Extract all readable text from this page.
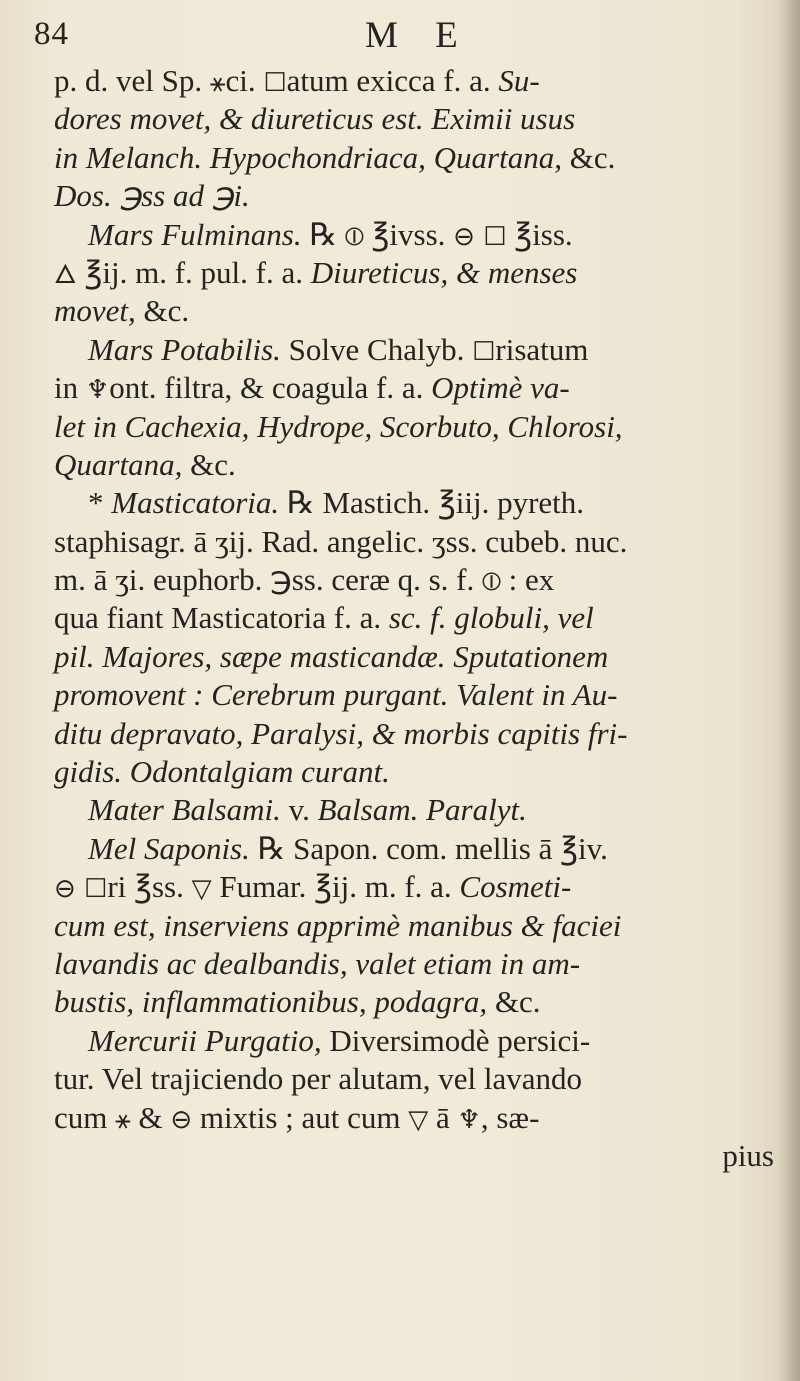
84	M E
p. d. vel Sp. ⚹ci. ☐atum exicca f. a. Su-
dores movet, & diureticus est. Eximii usus
in Melanch. Hypochondriaca, Quartana, &c.
Dos. ℈ss ad ℈i.
Mars Fulminans. ℞ ⦶ ℥ivss. ⊖ ☐ ℥iss.
🜂 ℥ij. m. f. pul. f. a. Diureticus, & menses
movet, &c.
Mars Potabilis. Solve Chalyb. ☐risatum
in ♆ont. filtra, & coagula f. a. Optimè va-
let in Cachexia, Hydrope, Scorbuto, Chlorosi,
Quartana, &c.
* Masticatoria. ℞ Mastich. ℥iij. pyreth.
staphisagr. ā ʒij. Rad. angelic. ʒss. cubeb. nuc.
m. ā ʒi. euphorb. ℈ss. ceræ q. s. f. ⦶ : ex
qua fiant Masticatoria f. a. sc. f. globuli, vel
pil. Majores, sæpe masticandæ. Sputationem
promovent : Cerebrum purgant. Valent in Au-
ditu depravato, Paralysi, & morbis capitis fri-
gidis. Odontalgiam curant.
Mater Balsami. v. Balsam. Paralyt.
Mel Saponis. ℞ Sapon. com. mellis ā ℥iv.
⊖ ☐ri ℥ss. ▽ Fumar. ℥ij. m. f. a. Cosmeti-
cum est, inserviens apprimè manibus & faciei
lavandis ac dealbandis, valet etiam in am-
bustis, inflammationibus, podagra, &c.
Mercurii Purgatio, Diversimodè persici-
tur. Vel trajiciendo per alutam, vel lavando
cum ⚹ & ⊖ mixtis ; aut cum ▽ ā ♆, sæ-
pius
